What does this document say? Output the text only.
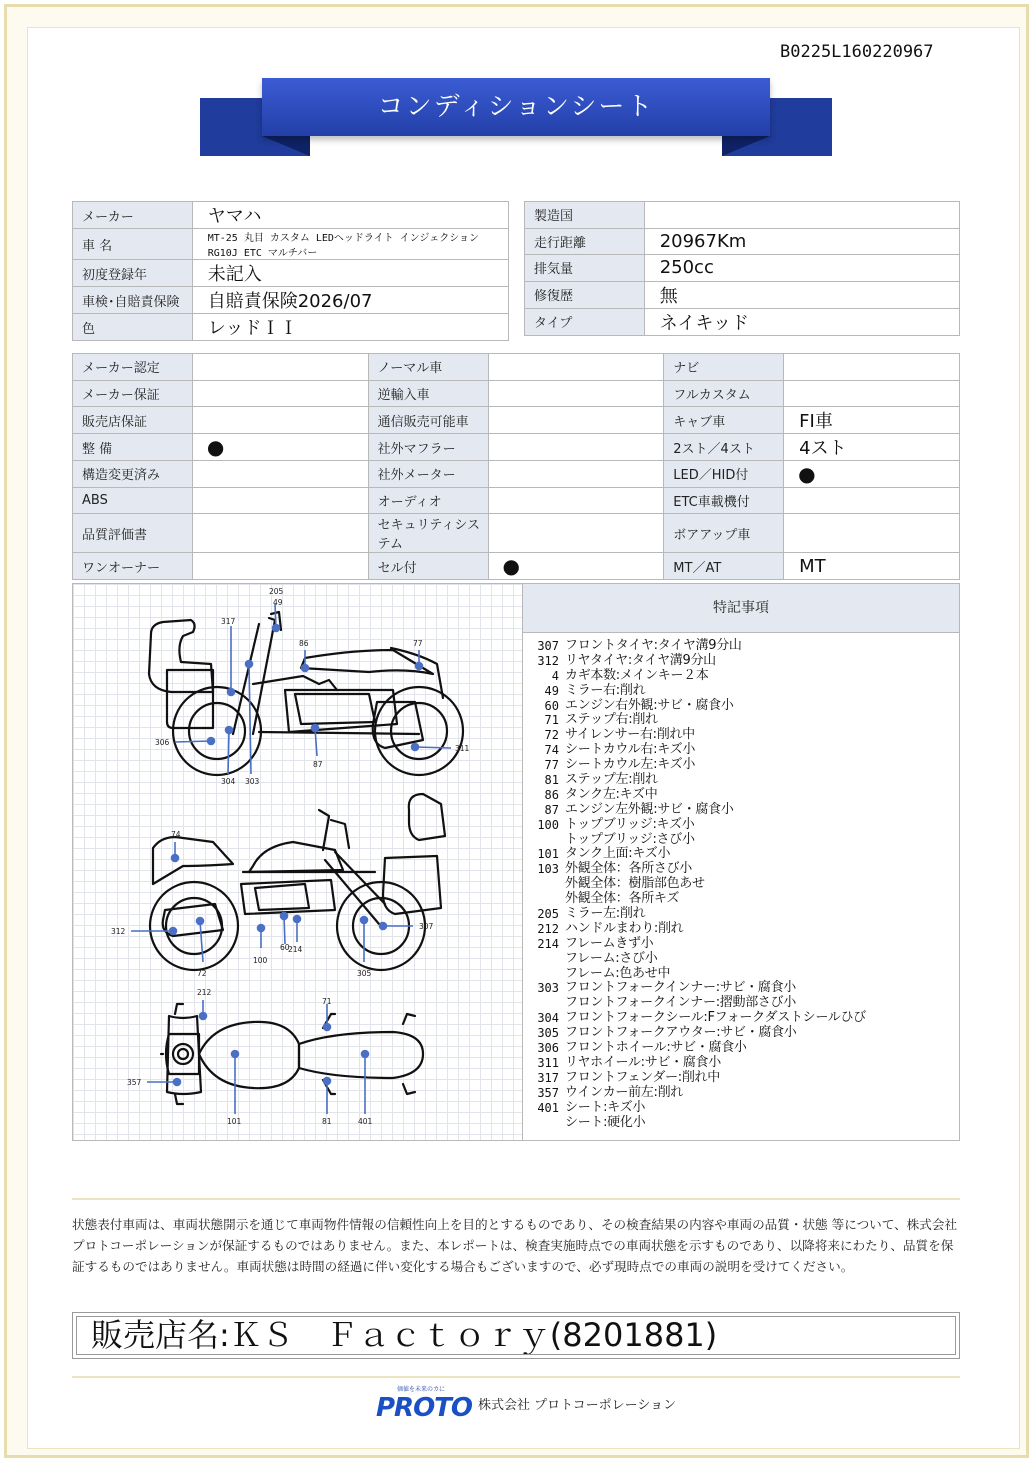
B0225L160220967
コンディションシート
メーカー	ヤマハ
車 名	MT-25 丸目 カスタム LEDヘッドライト インジェクション RG10J ETC マルチバー
初度登録年	未記入
車検･自賠責保険	自賠責保険2026/07
色	レッドＩＩ
製造国	
走行距離	20967Km
排気量	250cc
修復歴	無
タイプ	ネイキッド
メーカー認定		ノーマル車		ナビ	
メーカー保証		逆輸入車		フルカスタム	
販売店保証		通信販売可能車		キャブ車	FI車
整 備	●	社外マフラー		2スト／4スト	4スト
構造変更済み		社外メーター		LED／HID付	●
ABS		オーディオ		ETC車載機付	
品質評価書		セキュリティシステム		ボアアップ車	
ワンオーナー		セル付	●	MT／AT	MT
205
49
317
86	77
306
304 303
87
311
74
312
72
100
60
214
305
307
212
71
357
101	81	401
特記事項
307 フロントタイヤ:タイヤ溝9分山
312 リヤタイヤ:タイヤ溝9分山
4 カギ本数:メインキー２本
49 ミラー右:削れ
60 エンジン右外観:サビ・腐食小
71 ステップ右:削れ
72 サイレンサー右:削れ中
74 シートカウル右:キズ小
77 シートカウル左:キズ小
81 ステップ左:削れ
86 タンク左:キズ中
87 エンジン左外観:サビ・腐食小
100 トップブリッジ:キズ小
トップブリッジ:さび小
101 タンク上面:キズ小
103 外観全体：各所さび小
外観全体：樹脂部色あせ
外観全体：各所キズ
205 ミラー左:削れ
212 ハンドルまわり:削れ
214 フレームきず小
フレーム:さび小
フレーム:色あせ中
303 フロントフォークインナー:サビ・腐食小
フロントフォークインナー:摺動部さび小
304 フロントフォークシール:Fフォークダストシールひび
305 フロントフォークアウター:サビ・腐食小
306 フロントホイール:サビ・腐食小
311 リヤホイール:サビ・腐食小
317 フロントフェンダー:削れ中
357 ウインカー前左:削れ
401 シート:キズ小
シート:硬化小
状態表付車両は、車両状態開示を通じて車両物件情報の信頼性向上を目的とするものであり、その検査結果の内容や車両の品質・状態 等について、株式会社プロトコーポレーションが保証するものではありません。また、本レポートは、検査実施時点での車両状態を示すものであり、以降将来にわたり、品質を保証するものではありません。車両状態は時間の経過に伴い変化する場合もございますので、必ず現時点での車両の説明を受けてください。
販売店名:ＫＳ　Ｆａｃｔｏｒｙ(8201881)
価値を未来のカに
PROTO 株式会社 プロトコーポレーション
